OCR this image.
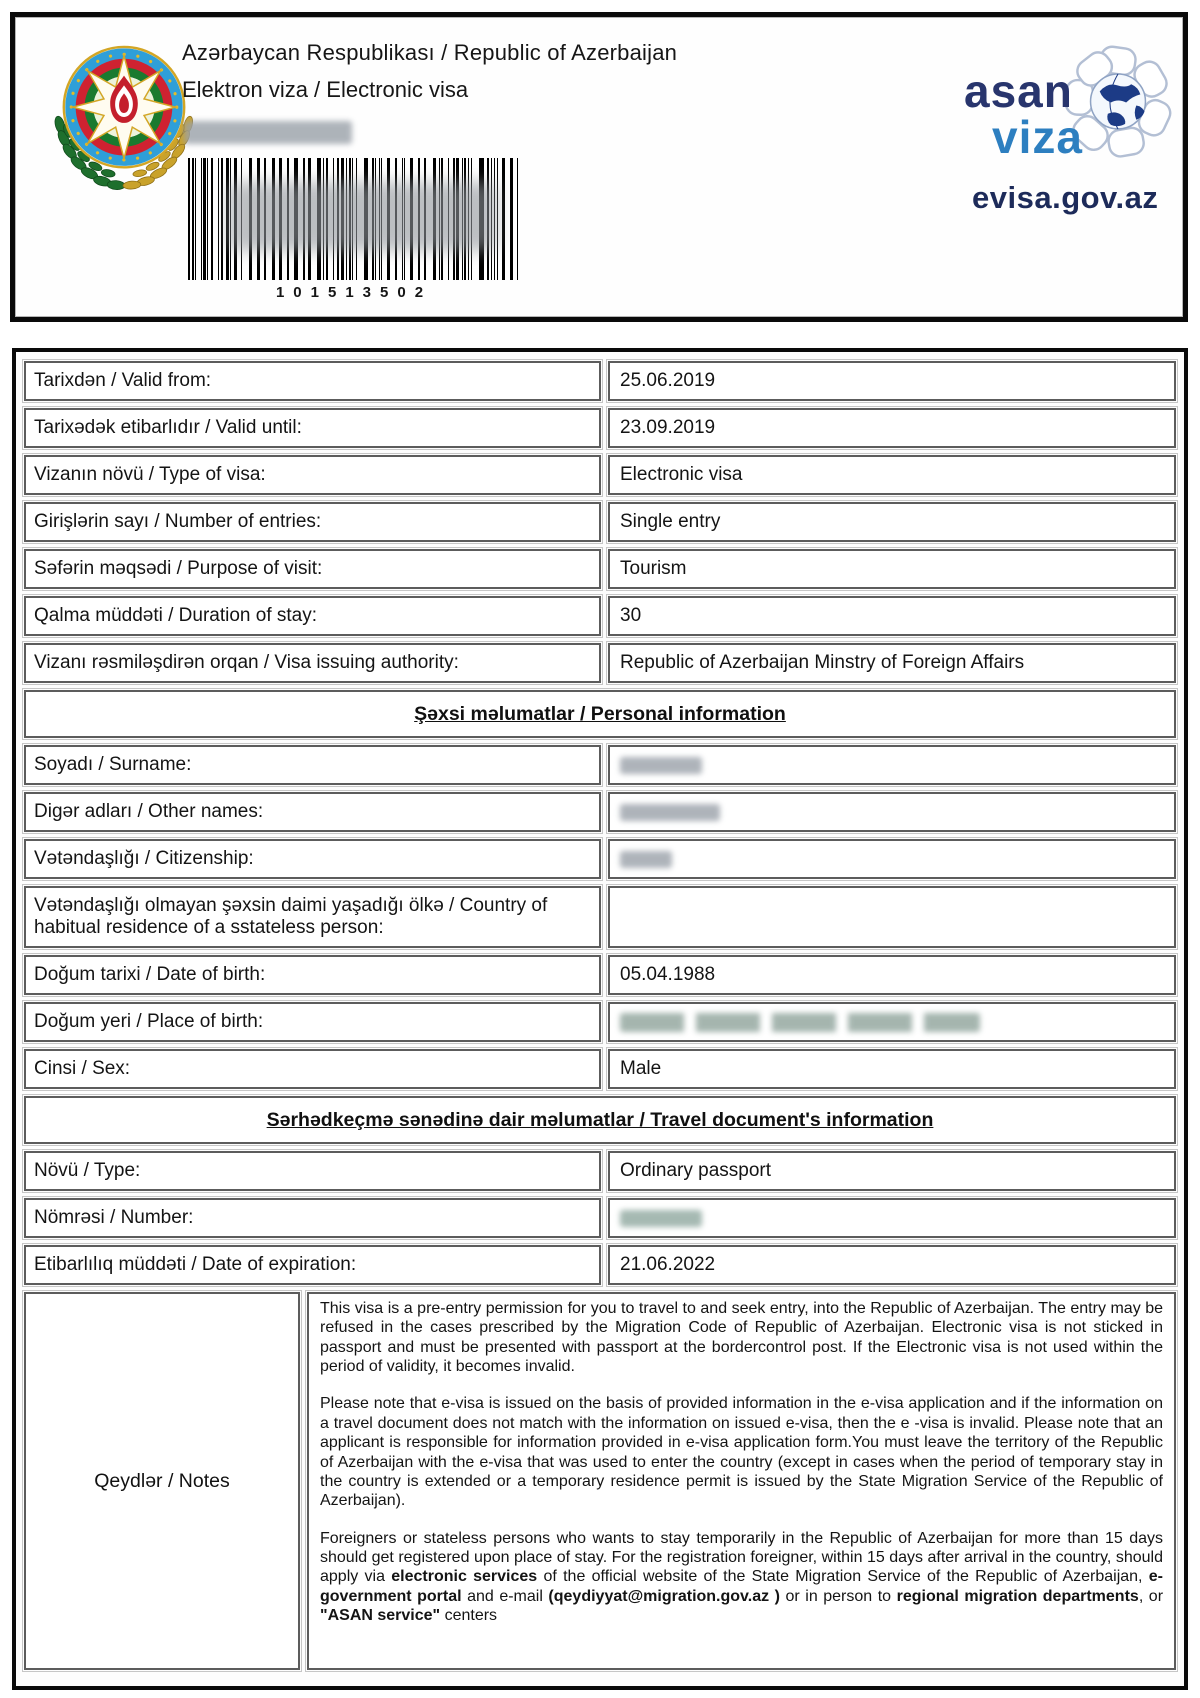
Azərbaycan Respublikası / Republic of Azerbaijan
Elektron viza / Electronic visa
101513502
asan
viza
evisa.gov.az
Tarixdən / Valid from:	25.06.2019
Tarixədək etibarlıdır / Valid until:	23.09.2019
Vizanın növü / Type of visa:	Electronic visa
Girişlərin sayı / Number of entries:	Single entry
Səfərin məqsədi / Purpose of visit:	Tourism
Qalma müddəti / Duration of stay:	30
Vizanı rəsmiləşdirən orqan / Visa issuing authority:	Republic of Azerbaijan Minstry of Foreign Affairs
Şəxsi məlumatlar / Personal information
Soyadı / Surname:
Digər adları / Other names:
Vətəndaşlığı / Citizenship:
Vətəndaşlığı olmayan şəxsin daimi yaşadığı ölkə / Country of habitual residence of a sstateless person:
Doğum tarixi / Date of birth:	05.04.1988
Doğum yeri / Place of birth:
Cinsi / Sex:	Male
Sərhədkeçmə sənədinə dair məlumatlar / Travel document's information
Növü / Type:	Ordinary passport
Nömrəsi / Number:
Etibarlılıq müddəti / Date of expiration:	21.06.2022
Qeydlər / Notes

This visa is a pre-entry permission for you to travel to and seek entry, into the Republic of Azerbaijan. The entry may be refused in the cases prescribed by the Migration Code of Republic of Azerbaijan. Electronic visa is not sticked in passport and must be presented with passport at the bordercontrol post. If the Electronic visa is not used within the period of validity, it becomes invalid.

Please note that e-visa is issued on the basis of provided information in the e-visa application and if the information on a travel document does not match with the information on issued e-visa, then the e -visa is invalid. Please note that an applicant is responsible for information provided in e-visa application form.You must leave the territory of the Republic of Azerbaijan with the e-visa that was used to enter the country (except in cases when the period of temporary stay in the country is extended or a temporary residence permit is issued by the State Migration Service of the Republic of Azerbaijan).

Foreigners or stateless persons who wants to stay temporarily in the Republic of Azerbaijan for more than 15 days should get registered upon place of stay. For the registration foreigner, within 15 days after arrival in the country, should apply via electronic services of the official website of the State Migration Service of the Republic of Azerbaijan, e-government portal and e-mail (qeydiyyat@migration.gov.az ) or in person to regional migration departments, or "ASAN service" centers
